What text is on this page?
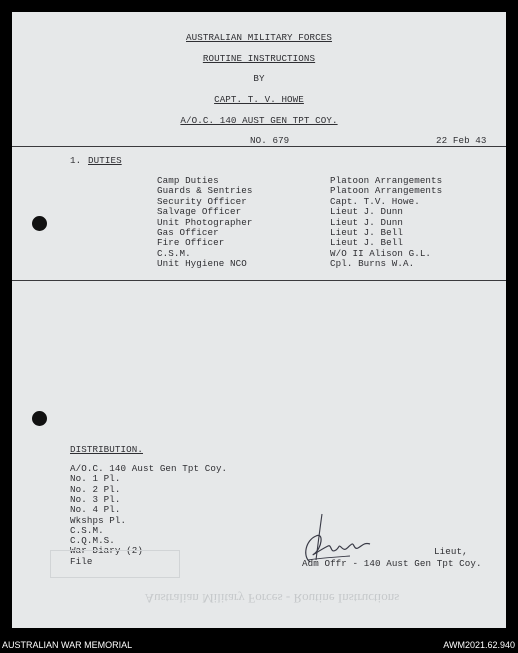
AUSTRALIAN MILITARY FORCES
ROUTINE INSTRUCTIONS
BY
CAPT. T. V. HOWE
A/O.C. 140 AUST GEN TPT COY.
NO. 679	22 Feb 43
1. DUTIES
Camp Duties	Platoon Arrangements
Guards & Sentries	Platoon Arrangements
Security Officer	Capt. T.V. Howe.
Salvage Officer	Lieut J. Dunn
Unit Photographer	Lieut J. Dunn
Gas Officer	Lieut J. Bell
Fire Officer	Lieut J. Bell
C.S.M.	W/O II Alison G.L.
Unit Hygiene NCO	Cpl. Burns W.A.
DISTRIBUTION.
A/O.C. 140 Aust Gen Tpt Coy.
No. 1 Pl.
No. 2 Pl.
No. 3 Pl.
No. 4 Pl.
Wkshps Pl.
C.S.M.
C.Q.M.S.
War Diary (2)
File
Lieut,
Adm Offr - 140 Aust Gen Tpt Coy.
Australian Military Forces - Routine Instructions
AUSTRALIAN WAR MEMORIAL	AWM2021.62.940
